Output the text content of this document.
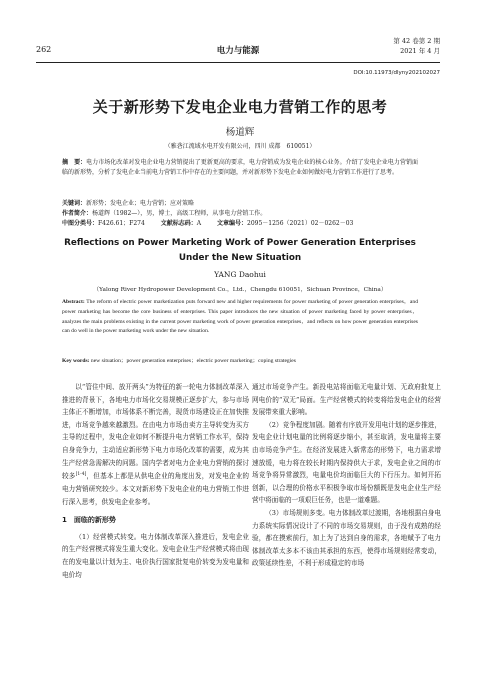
262	电力与能源
第 42 卷第 2 期
2021 年 4 月
DOI:10.11973/dlyny202102027
关于新形势下发电企业电力营销工作的思考
杨道辉
（雅砻江流域水电开发有限公司，四川 成都　610051）
摘　要：电力市场化改革对发电企业电力营销提出了更新更高的要求，电力营销成为发电企业的核心业务。介绍了发电企业电力营销面临的新形势，分析了发电企业当前电力营销工作中存在的主要问题，并对新形势下发电企业如何做好电力营销工作进行了思考。
关键词：新形势；发电企业；电力营销；应对策略
作者简介：杨道辉（1982—），男，博士，高级工程师，从事电力营销工作。
中图分类号：F426.61；F274	文献标志码：A	文章编号：2095－1256（2021）02－0262－03
Reflections on Power Marketing Work of Power Generation Enterprises
Under the New Situation
YANG Daohui
（Yalong River Hydropower Development Co.，Ltd.，Chengdu 610051，Sichuan Province，China）
Abstract: The reform of electric power marketization puts forward new and higher requirements for power marketing of power generation enterprises，and power marketing has become the core business of enterprises. This paper introduces the new situation of power marketing faced by power enterprises，analyzes the main problems existing in the current power marketing work of power generation enterprises，and reflects on how power generation enterprises can do well in the power marketing work under the new situation.
Key words: new situation；power generation enterprises；electric power marketing；coping strategies

以“管住中间、放开两头”为特征的新一轮电力体制改革深入推进的背景下，各地电力市场化交易规模正逐步扩大，参与市场主体正不断增加，市场体系不断完善，现货市场建设正在加快推进，市场竞争越来越激烈。在由电力市场由卖方主导转变为买方主导的过程中，发电企业如何不断提升电力营销工作水平，保持自身竞争力，主动适应新形势下电力市场化改革的需要，成为其生产经营急需解决的问题。国内学者对电力企业电力营销的探讨较多[1-4]，但基本上都是从供电企业的角度出发，对发电企业的电力营销研究较少。本文对新形势下发电企业的电力营销工作进行深入思考，供发电企业参考。

1　面临的新形势

（1）经营模式转变。电力体制改革深入推进后，发电企业的生产经营模式将发生重大变化。发电企业生产经营模式将由现在的发电量以计划为主、电价执行国家批复电价转变为发电量和电价均

通过市场竞争产生。新投电站将面临无电量计划、无政府批复上网电价的“双无”局面。生产经营模式的转变将给发电企业的经营发展带来重大影响。

（2）竞争程度加剧。随着有序放开发用电计划的逐步推进，发电企业计划电量的比例将逐步缩小，甚至取消，发电量将主要由市场竞争产生。在经济发展进入新常态的形势下，电力需求增速放缓，电力将在较长时期内保持供大于求，发电企业之间的市场竞争将异常激烈，电量电价均面临巨大的下行压力。如何开拓创新，以合理的价格水平积极争取市场份额既是发电企业生产经营中将面临的一项艰巨任务，也是一道难题。

（3）市场规则多变。电力体制改革过渡期，各地根据自身电力系统实际情况设计了不同的市场交易规则，由于没有成熟的经验，都在摸索前行，加上为了达到自身的需求，各地赋予了电力体制改革太多本不该由其承担的东西，使得市场规则经常变动，政策延续性差，不利于形成稳定的市场
